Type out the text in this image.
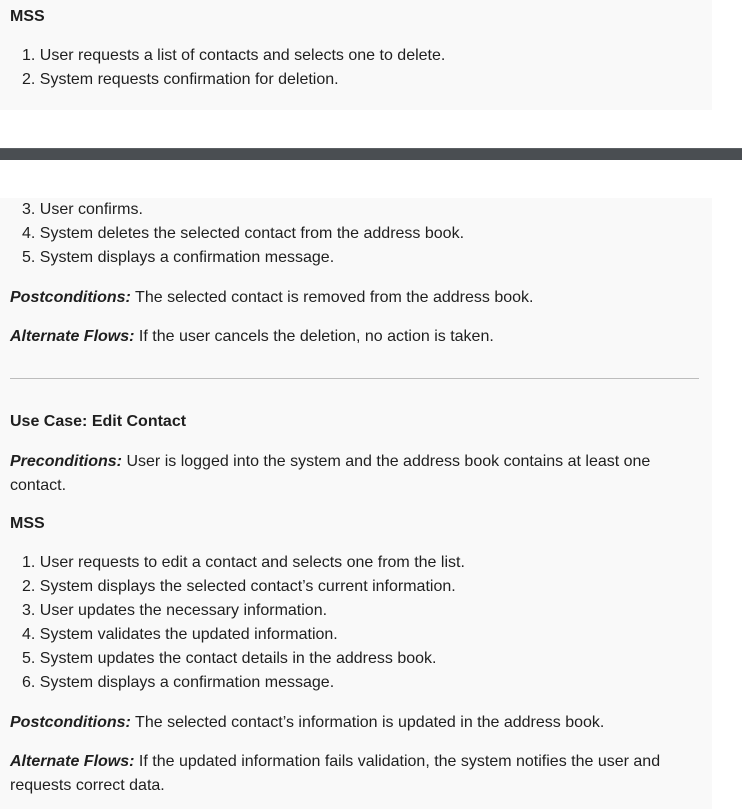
MSS
1. User requests a list of contacts and selects one to delete.
2. System requests confirmation for deletion.
3. User confirms.
4. System deletes the selected contact from the address book.
5. System displays a confirmation message.
Postconditions: The selected contact is removed from the address book.
Alternate Flows: If the user cancels the deletion, no action is taken.
Use Case: Edit Contact
Preconditions: User is logged into the system and the address book contains at least one contact.
MSS
1. User requests to edit a contact and selects one from the list.
2. System displays the selected contact’s current information.
3. User updates the necessary information.
4. System validates the updated information.
5. System updates the contact details in the address book.
6. System displays a confirmation message.
Postconditions: The selected contact’s information is updated in the address book.
Alternate Flows: If the updated information fails validation, the system notifies the user and requests correct data.
